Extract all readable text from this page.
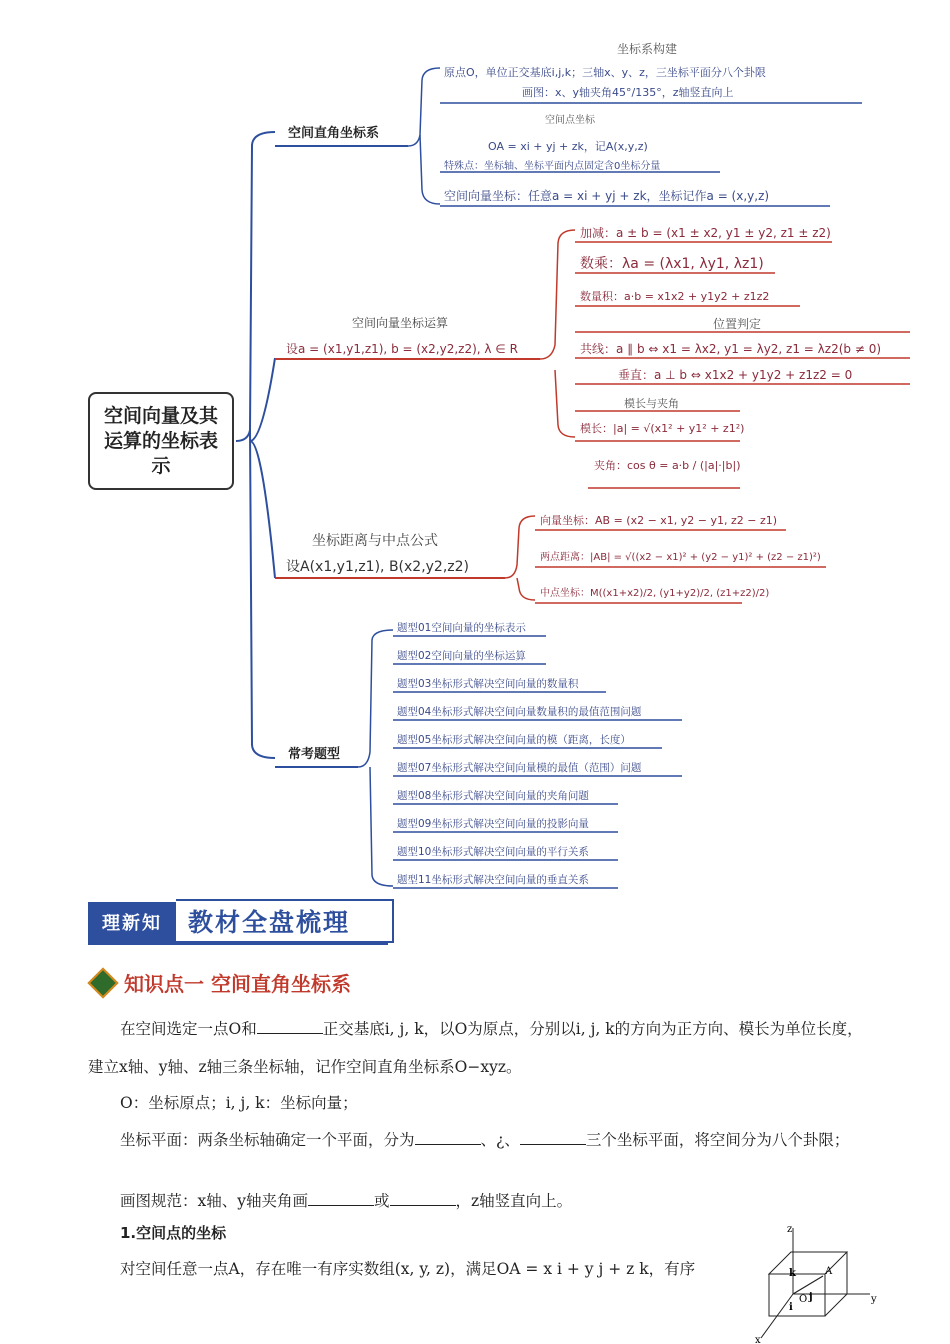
空间向量及其运算的坐标表示
空间直角坐标系
坐标系构建
原点O，单位正交基底i,j,k；三轴x、y、z，三坐标平面分八个卦限
画图：x、y轴夹角45°/135°，z轴竖直向上
空间点坐标
OA = xi + yj + zk，记A(x,y,z)
特殊点：坐标轴、坐标平面内点固定含0坐标分量
空间向量坐标：任意a = xi + yj + zk，坐标记作a = (x,y,z)
空间向量坐标运算
设a = (x1,y1,z1), b = (x2,y2,z2), λ ∈ R
加减：a ± b = (x1 ± x2, y1 ± y2, z1 ± z2)
数乘：λa = (λx1, λy1, λz1)
数量积：a·b = x1x2 + y1y2 + z1z2
位置判定
共线：a ∥ b ⇔ x1 = λx2, y1 = λy2, z1 = λz2(b ≠ 0)
垂直：a ⊥ b ⇔ x1x2 + y1y2 + z1z2 = 0
模长与夹角
模长：|a| = √(x1² + y1² + z1²)
夹角：cos θ = a·b / (|a|·|b|)
坐标距离与中点公式
设A(x1,y1,z1), B(x2,y2,z2)
向量坐标：AB = (x2 − x1, y2 − y1, z2 − z1)
两点距离：|AB| = √((x2 − x1)² + (y2 − y1)² + (z2 − z1)²)
中点坐标：M((x1+x2)/2, (y1+y2)/2, (z1+z2)/2)
常考题型
题型01空间向量的坐标表示
题型02空间向量的坐标运算
题型03坐标形式解决空间向量的数量积
题型04坐标形式解决空间向量数量积的最值范围问题
题型05坐标形式解决空间向量的模（距离，长度）
题型07坐标形式解决空间向量模的最值（范围）问题
题型08坐标形式解决空间向量的夹角问题
题型09坐标形式解决空间向量的投影向量
题型10坐标形式解决空间向量的平行关系
题型11坐标形式解决空间向量的垂直关系
理新知	教材全盘梳理
知识点一 空间直角坐标系
在空间选定一点O和	正交基底i, j, k，以O为原点，分别以i, j, k的方向为正方向、模长为单位长度，建立x轴、y轴、z轴三条坐标轴，记作空间直角坐标系O−xyz。
O：坐标原点；i, j, k：坐标向量；
坐标平面：两条坐标轴确定一个平面，分为	、¿、	三个坐标平面，将空间分为八个卦限；
画图规范：x轴、y轴夹角画	或	，z轴竖直向上。
1.空间点的坐标
对空间任意一点A，存在唯一有序实数组(x, y, z)，满足OA = x i + y j + z k，有序
z
y
x
A
O
i
j
k
